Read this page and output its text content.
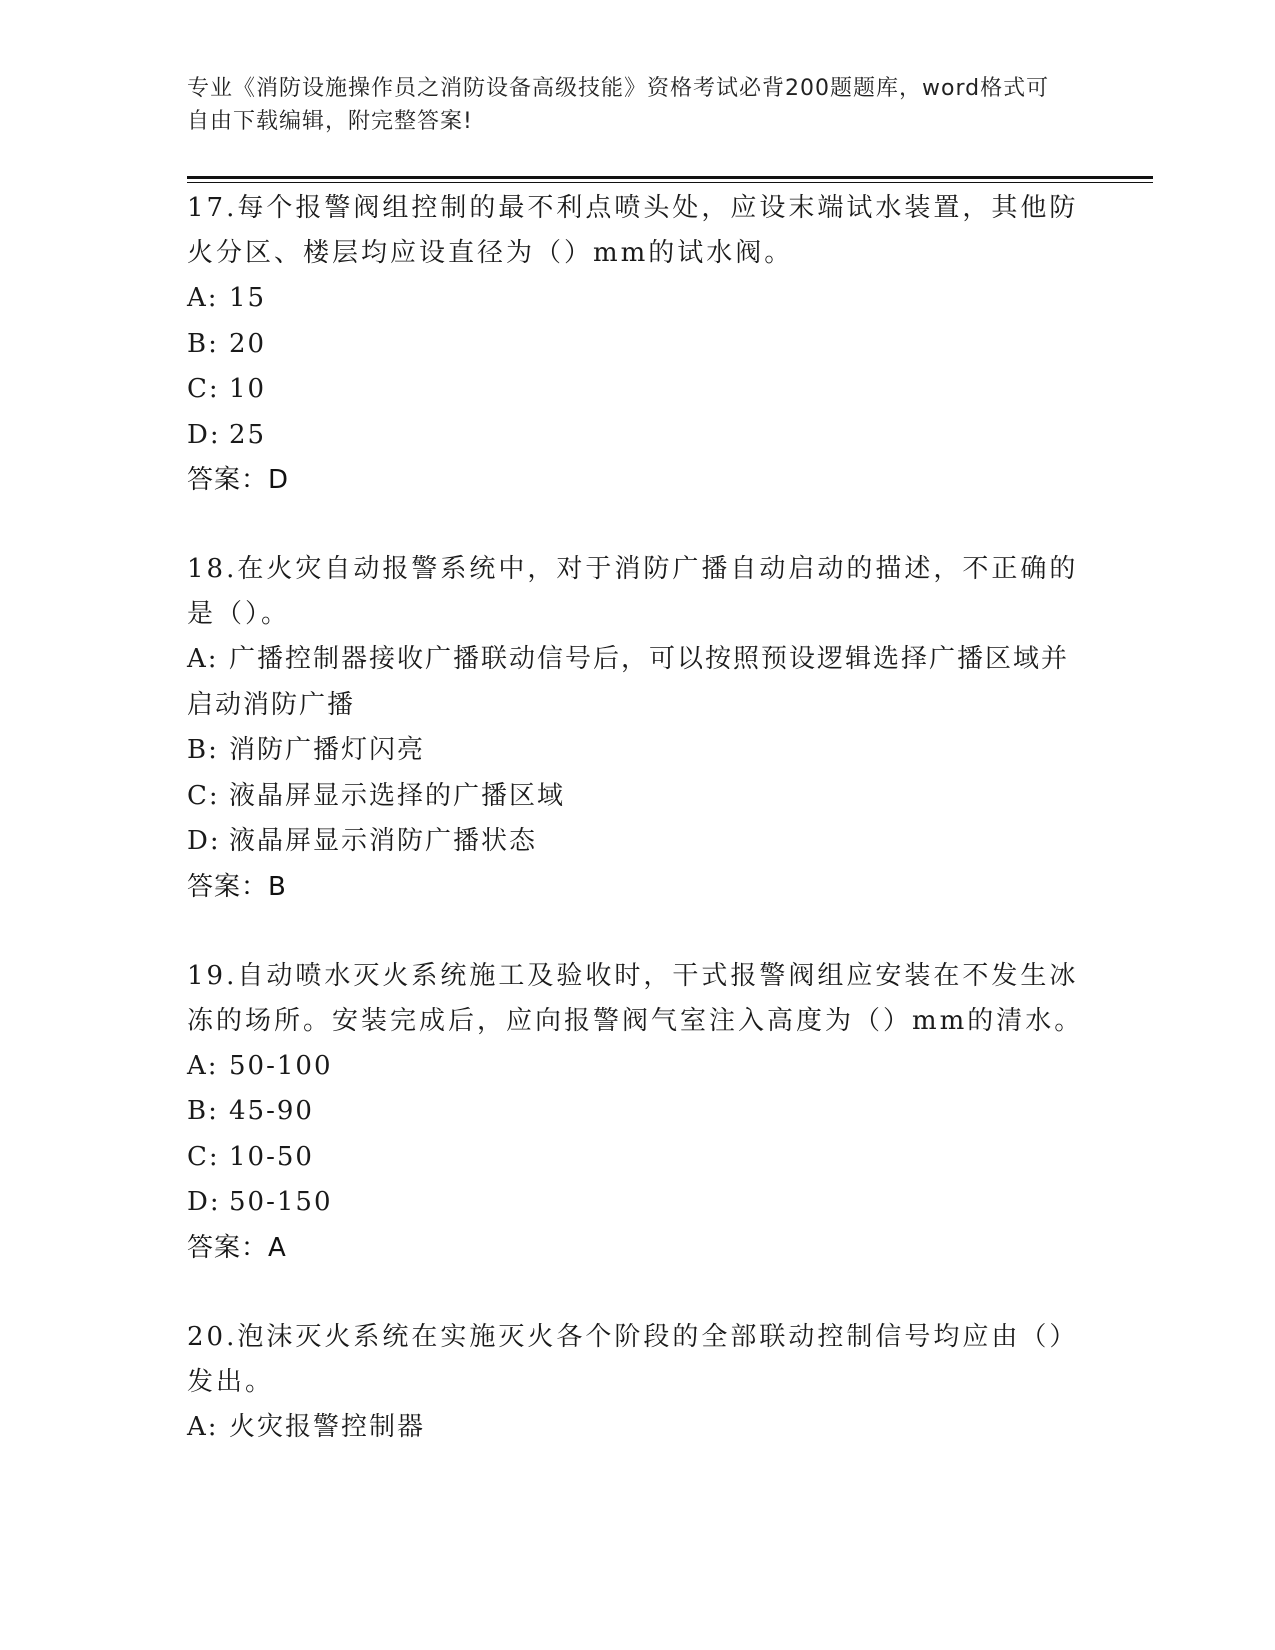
专业《消防设施操作员之消防设备高级技能》资格考试必背200题题库，word格式可自由下载编辑，附完整答案!
17.每个报警阀组控制的最不利点喷头处，应设末端试水装置，其他防火分区、楼层均应设直径为（）mm的试水阀。
A: 15
B: 20
C: 10
D: 25
答案：D
18.在火灾自动报警系统中，对于消防广播自动启动的描述，不正确的是（）。
A: 广播控制器接收广播联动信号后，可以按照预设逻辑选择广播区域并启动消防广播
B: 消防广播灯闪亮
C: 液晶屏显示选择的广播区域
D: 液晶屏显示消防广播状态
答案：B
19.自动喷水灭火系统施工及验收时，干式报警阀组应安装在不发生冰冻的场所。安装完成后，应向报警阀气室注入高度为（）mm的清水。
A: 50-100
B: 45-90
C: 10-50
D: 50-150
答案：A
20.泡沫灭火系统在实施灭火各个阶段的全部联动控制信号均应由（）发出。
A: 火灾报警控制器
